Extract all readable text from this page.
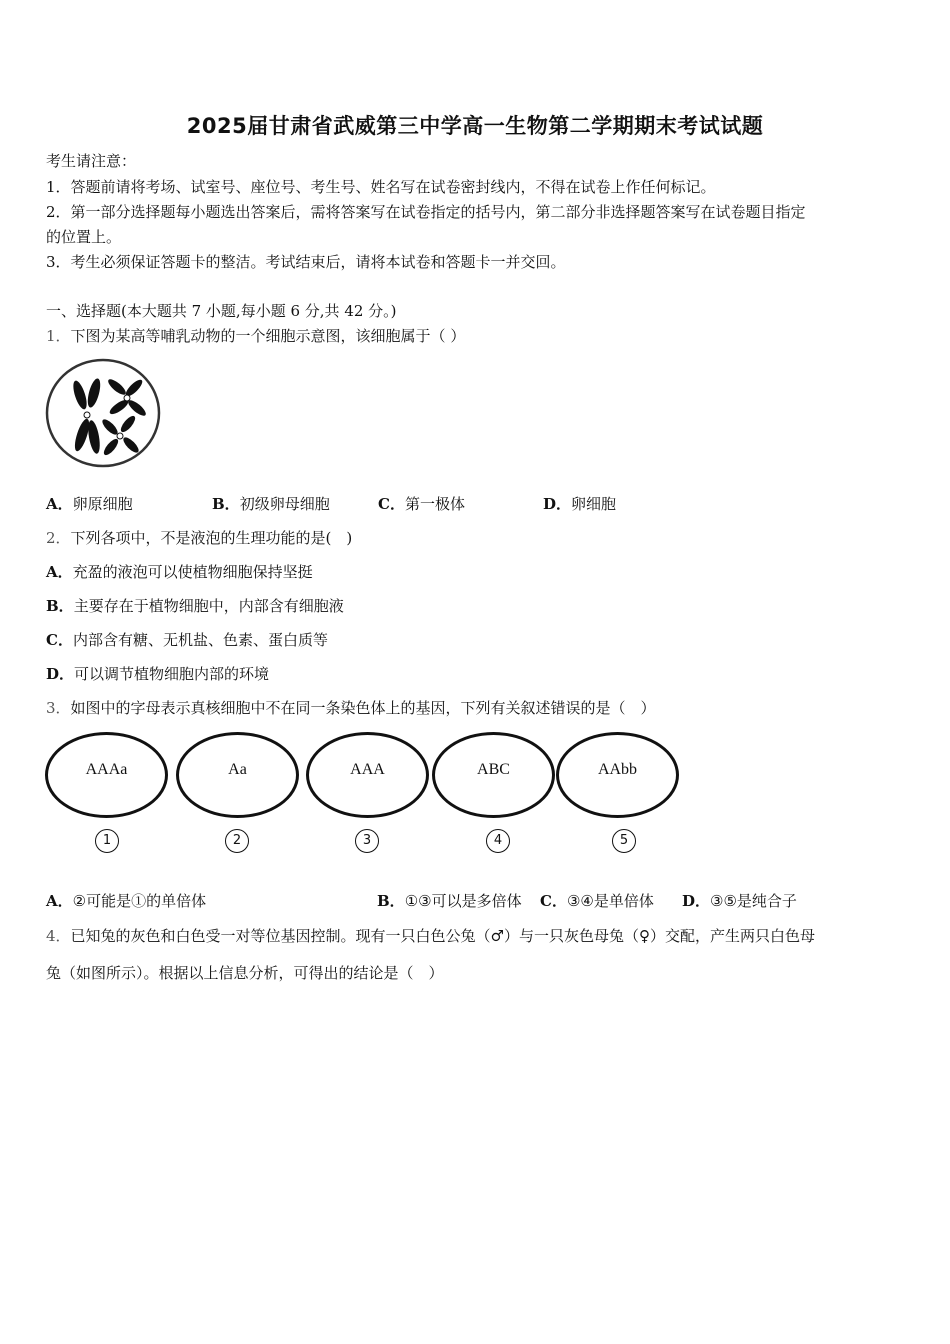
2025届甘肃省武威第三中学高一生物第二学期期末考试试题
考生请注意：
1．答题前请将考场、试室号、座位号、考生号、姓名写在试卷密封线内，不得在试卷上作任何标记。
2．第一部分选择题每小题选出答案后，需将答案写在试卷指定的括号内，第二部分非选择题答案写在试卷题目指定
的位置上。
3．考生必须保证答题卡的整洁。考试结束后，请将本试卷和答题卡一并交回。
一、选择题(本大题共 7 小题,每小题 6 分,共 42 分。)
1．下图为某高等哺乳动物的一个细胞示意图，该细胞属于（ ）
A．卵原细胞	B．初级卵母细胞	C．第一极体	D．卵细胞
2．下列各项中，不是液泡的生理功能的是(　)
A．充盈的液泡可以使植物细胞保持坚挺
B．主要存在于植物细胞中，内部含有细胞液
C．内部含有糖、无机盐、色素、蛋白质等
D．可以调节植物细胞内部的环境
3．如图中的字母表示真核细胞中不在同一条染色体上的基因，下列有关叙述错误的是（　）
AAAa	Aa	AAA	ABC	AAbb
1	2	3	4	5
A．②可能是①的单倍体	B．①③可以是多倍体 C．③④是单倍体 D．③⑤是纯合子
4．已知兔的灰色和白色受一对等位基因控制。现有一只白色公兔（♂）与一只灰色母兔（♀）交配，产生两只白色母
兔（如图所示）。根据以上信息分析，可得出的结论是（　）
